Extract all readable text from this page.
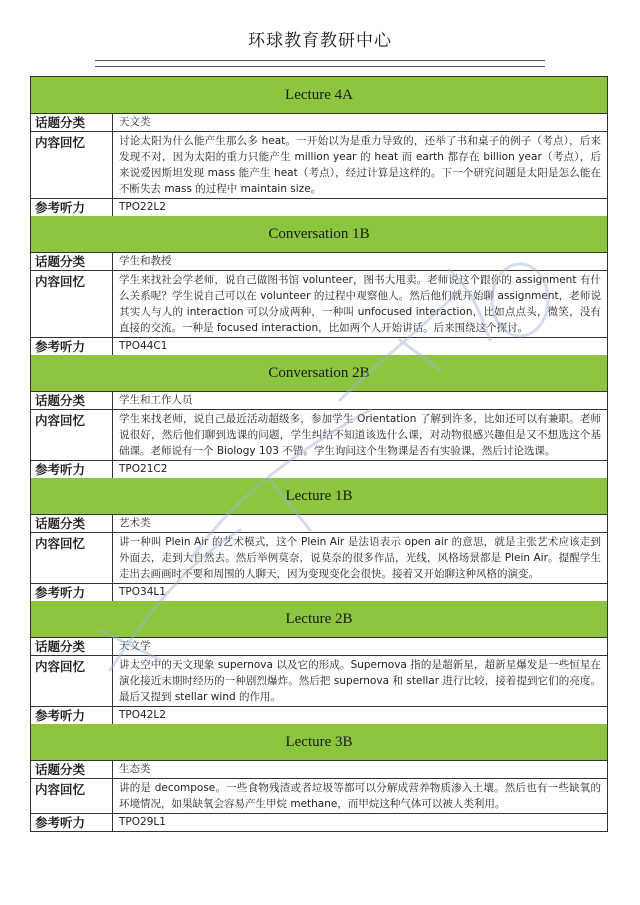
环球教育教研中心
Lecture 4A
话题分类	天文类
内容回忆	讨论太阳为什么能产生那么多 heat。一开始以为是重力导致的，还举了书和桌子的例子（考点），后来发现不对，因为太阳的重力只能产生 million year 的 heat 而 earth 都存在 billion year（考点），后来说爱因斯坦发现 mass 能产生 heat（考点），经过计算是这样的。下一个研究问题是太阳是怎么能在不断失去 mass 的过程中 maintain size。
参考听力	TPO22L2
Conversation 1B
话题分类	学生和教授
内容回忆	学生来找社会学老师，说自己做图书馆 volunteer，图书大甩卖。老师说这个跟你的 assignment 有什么关系呢？学生说自己可以在 volunteer 的过程中观察他人。然后他们就开始聊 assignment，老师说其实人与人的 interaction 可以分成两种，一种叫 unfocused interaction，比如点点头，微笑，没有直接的交流。一种是 focused interaction，比如两个人开始讲话。后来围绕这个探讨。
参考听力	TPO44C1
Conversation 2B
话题分类	学生和工作人员
内容回忆	学生来找老师，说自己最近活动超级多，参加学生 Orientation 了解到许多，比如还可以有兼职。老师说很好，然后他们聊到选课的问题，学生纠结不知道该选什么课，对动物很感兴趣但是又不想选这个基础课。老师说有一个 Biology 103 不错。学生询问这个生物课是否有实验课，然后讨论选课。
参考听力	TPO21C2
Lecture 1B
话题分类	艺术类
内容回忆	讲一种叫 Plein Air 的艺术模式，这个 Plein Air 是法语表示 open air 的意思，就是主张艺术应该走到外面去，走到大自然去。然后举例莫奈，说莫奈的很多作品，光线，风格场景都是 Plein Air。提醒学生走出去画画时不要和周围的人聊天，因为变现变化会很快。接着又开始聊这种风格的演变。
参考听力	TPO34L1
Lecture 2B
话题分类	天文学
内容回忆	讲太空中的天文现象 supernova 以及它的形成。Supernova 指的是超新星，超新星爆发是一些恒星在演化接近末期时经历的一种剧烈爆炸。然后把 supernova 和 stellar 进行比较，接着提到它们的亮度。最后又提到 stellar wind 的作用。
参考听力	TPO42L2
Lecture 3B
话题分类	生态类
内容回忆	讲的是 decompose。一些食物残渣或者垃圾等都可以分解成营养物质渗入土壤。然后也有一些缺氧的环境情况，如果缺氧会容易产生甲烷 methane，而甲烷这种气体可以被人类利用。
参考听力	TPO29L1
